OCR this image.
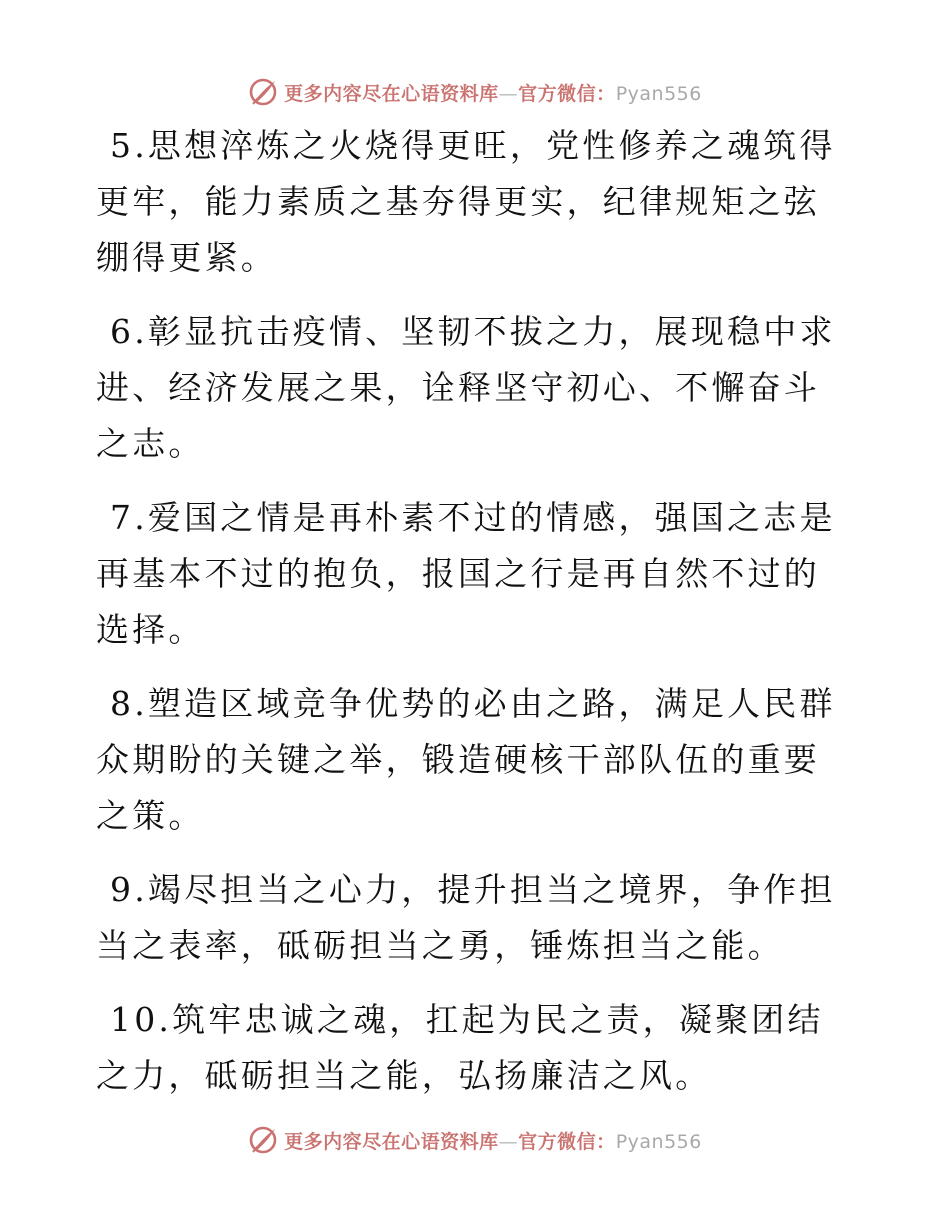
更多内容尽在心语资料库—官方微信：Pyan556

5.思想淬炼之火烧得更旺，党性修养之魂筑得更牢，能力素质之基夯得更实，纪律规矩之弦绷得更紧。

6.彰显抗击疫情、坚韧不拔之力，展现稳中求进、经济发展之果，诠释坚守初心、不懈奋斗之志。

7.爱国之情是再朴素不过的情感，强国之志是再基本不过的抱负，报国之行是再自然不过的选择。

8.塑造区域竞争优势的必由之路，满足人民群众期盼的关键之举，锻造硬核干部队伍的重要之策。

9.竭尽担当之心力，提升担当之境界，争作担当之表率，砥砺担当之勇，锤炼担当之能。

10.筑牢忠诚之魂，扛起为民之责，凝聚团结之力，砥砺担当之能，弘扬廉洁之风。

更多内容尽在心语资料库—官方微信：Pyan556
